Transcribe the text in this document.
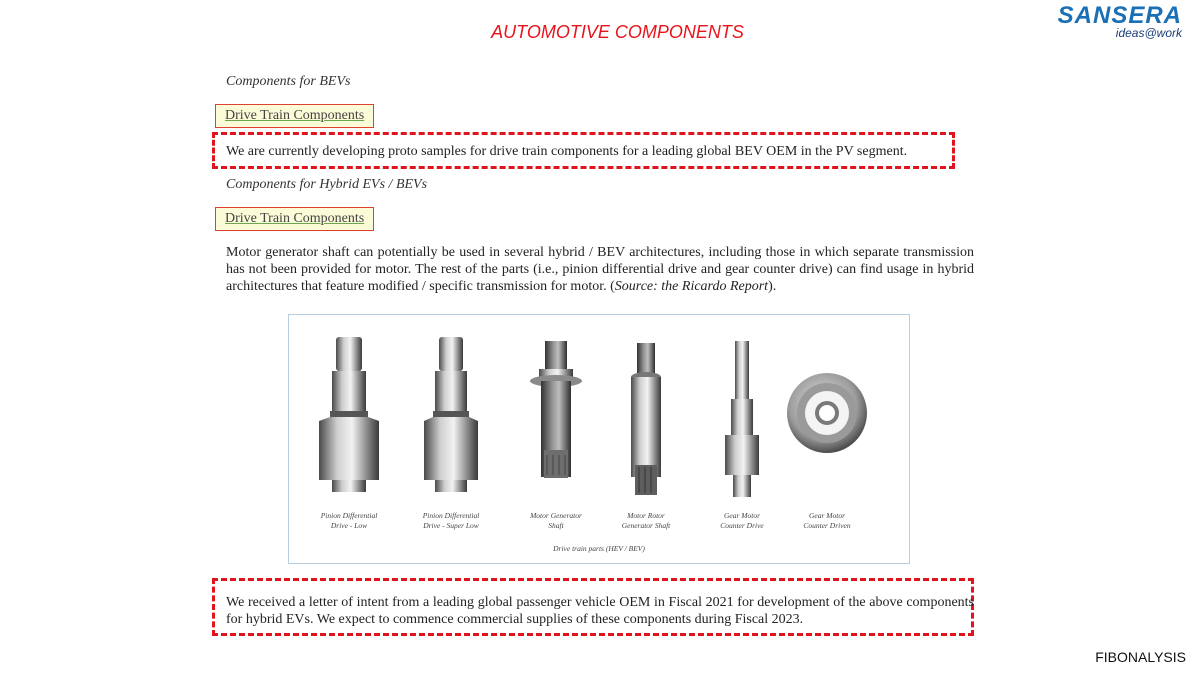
AUTOMOTIVE COMPONENTS
SANSERA
ideas@work
Components for BEVs
Drive Train Components
We are currently developing proto samples for drive train components for a leading global BEV OEM in the PV segment.
Components for Hybrid EVs / BEVs
Drive Train Components
Motor generator shaft can potentially be used in several hybrid / BEV architectures, including those in which separate transmission has not been provided for motor. The rest of the parts (i.e., pinion differential drive and gear counter drive) can find usage in hybrid architectures that feature modified / specific transmission for motor. (Source: the Ricardo Report).
Pinion Differential
Drive - Low
Pinion Differential
Drive - Super Low
Motor Generator
Shaft
Motor Rotor
Generator Shaft
Gear Motor
Counter Drive
Gear Motor
Counter Driven
Drive train parts (HEV / BEV)
We received a letter of intent from a leading global passenger vehicle OEM in Fiscal 2021 for development of the above components for hybrid EVs. We expect to commence commercial supplies of these components during Fiscal 2023.
FIBONALYSIS
